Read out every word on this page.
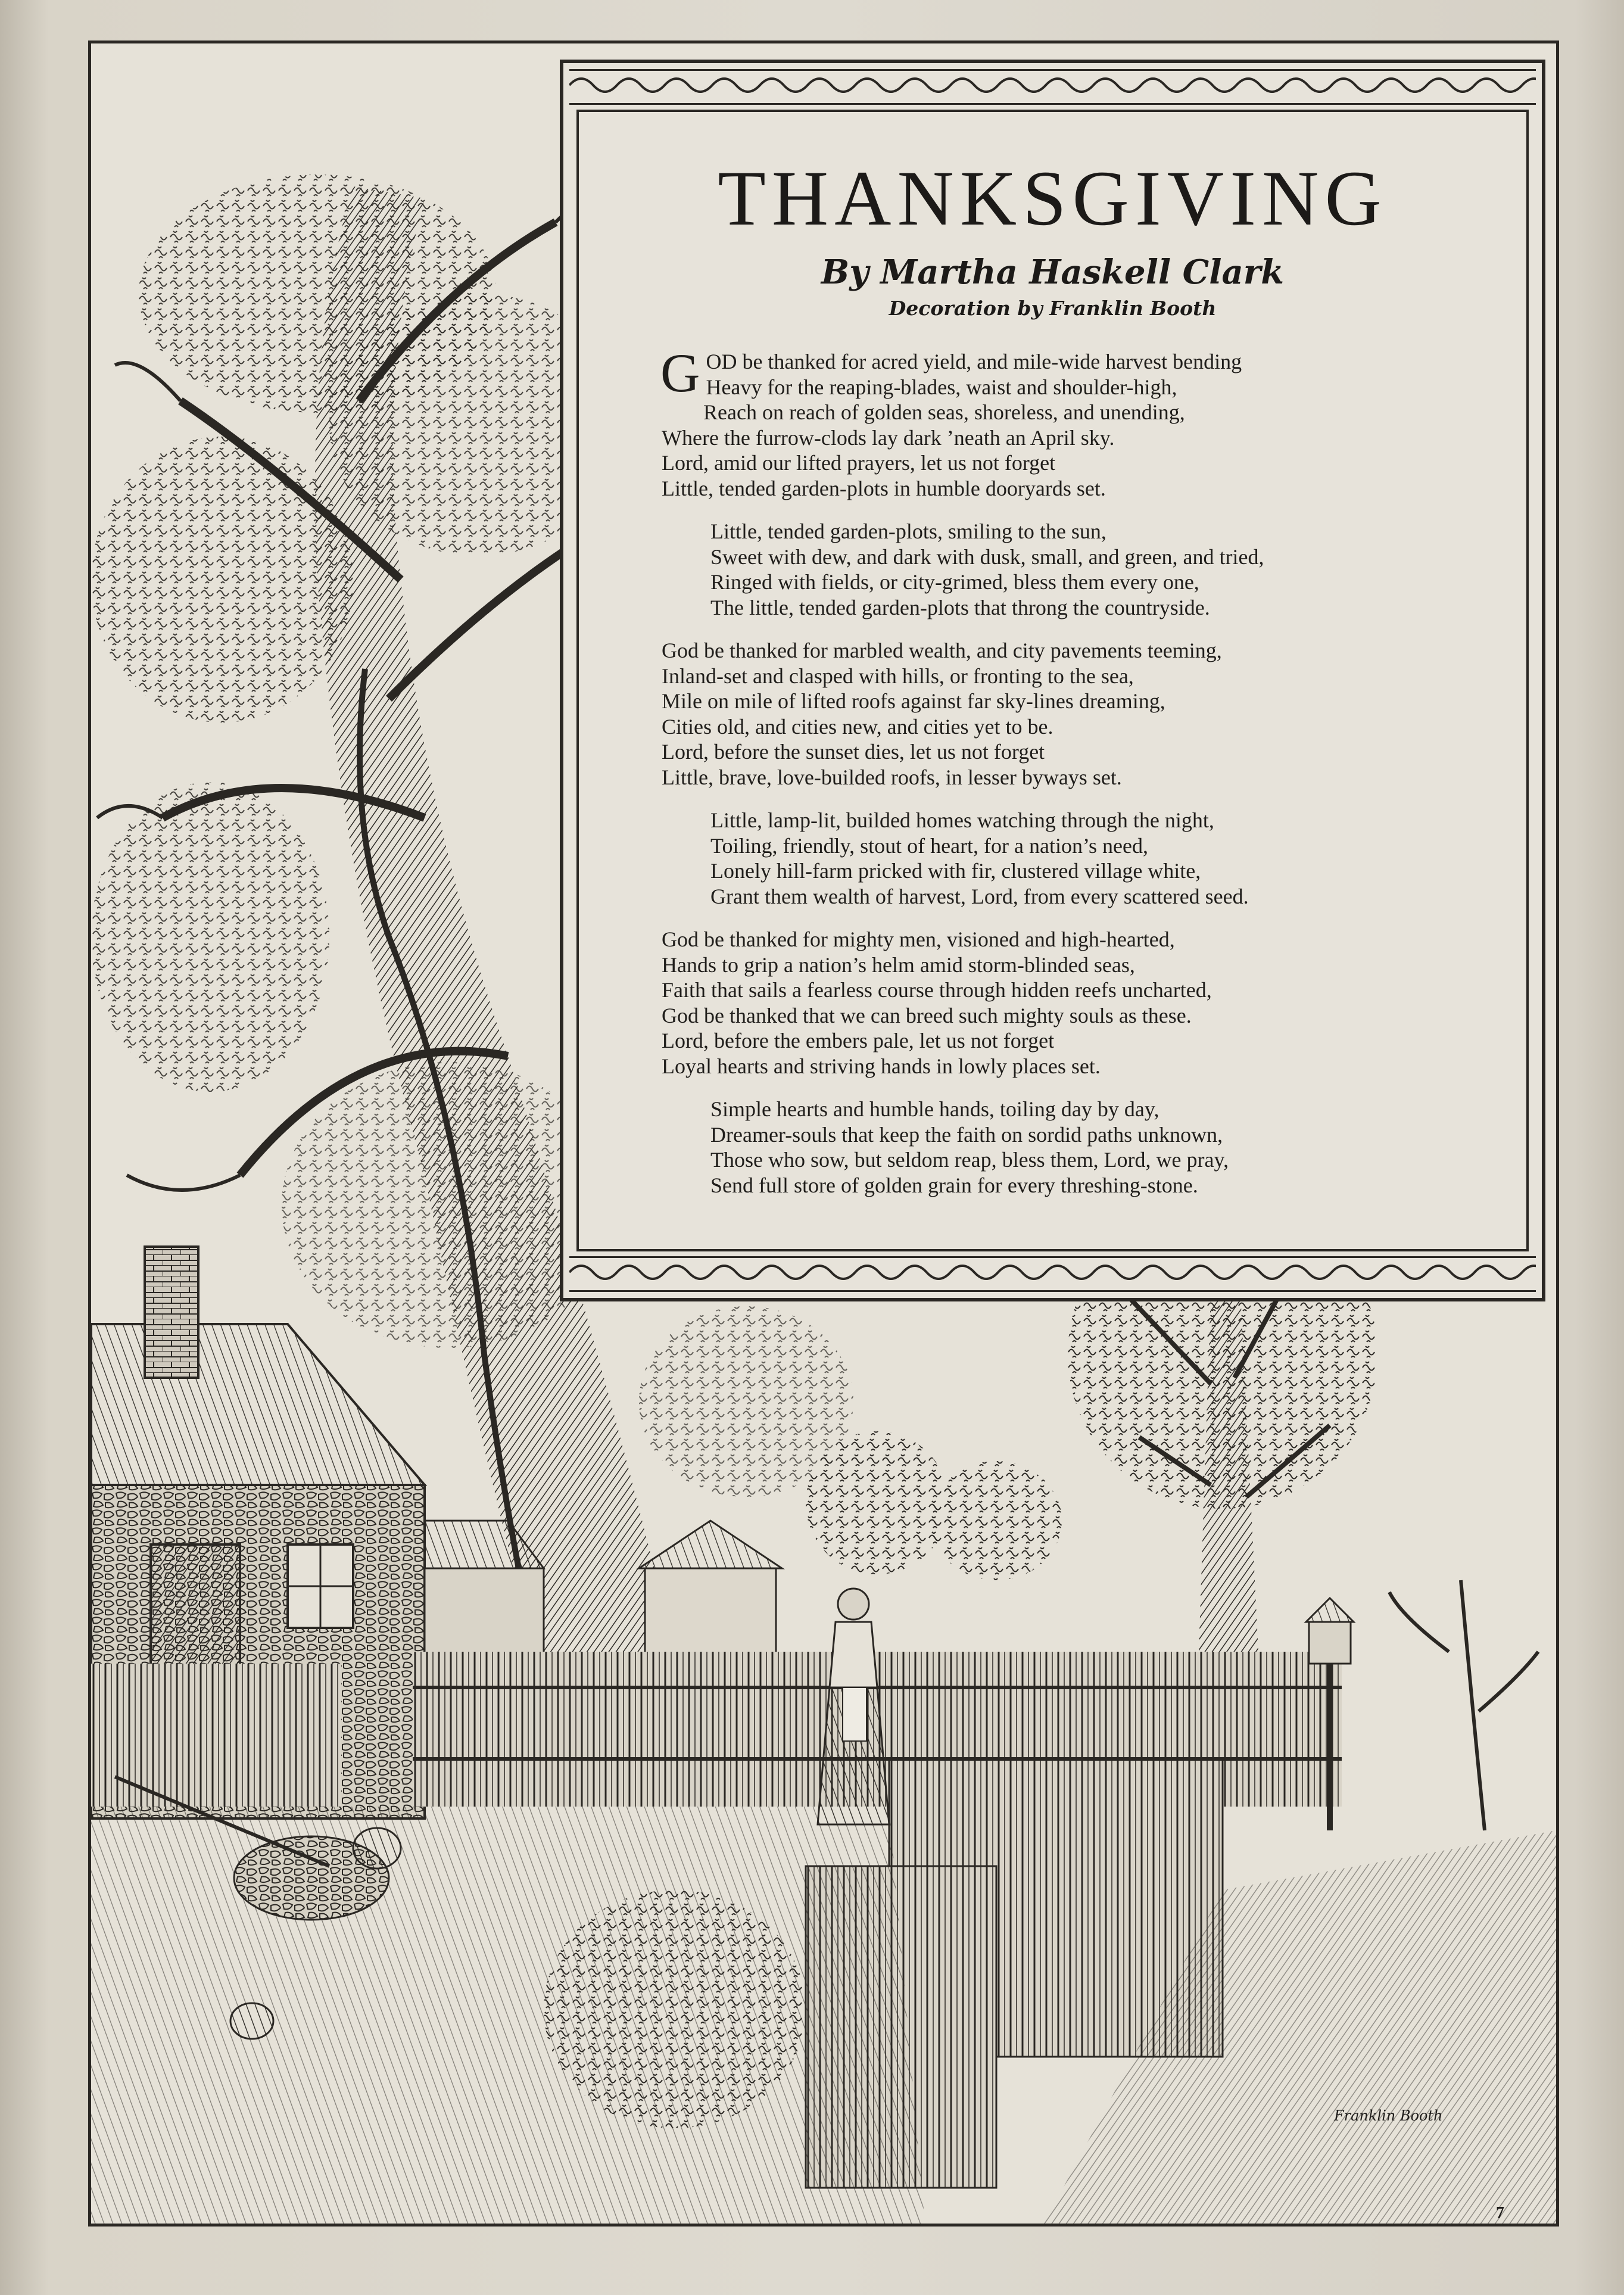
Franklin Booth
THANKSGIVING
By Martha Haskell Clark
Decoration by Franklin Booth
G OD be thanked for acred yield, and mile-wide harvest bending
Heavy for the reaping-blades, waist and shoulder-high,
Reach on reach of golden seas, shoreless, and unending,
Where the furrow-clods lay dark ’neath an April sky.
Lord, amid our lifted prayers, let us not forget
Little, tended garden-plots in humble dooryards set.
Little, tended garden-plots, smiling to the sun,
Sweet with dew, and dark with dusk, small, and green, and tried,
Ringed with fields, or city-grimed, bless them every one,
The little, tended garden-plots that throng the countryside.
God be thanked for marbled wealth, and city pavements teeming,
Inland-set and clasped with hills, or fronting to the sea,
Mile on mile of lifted roofs against far sky-lines dreaming,
Cities old, and cities new, and cities yet to be.
Lord, before the sunset dies, let us not forget
Little, brave, love-builded roofs, in lesser byways set.
Little, lamp-lit, builded homes watching through the night,
Toiling, friendly, stout of heart, for a nation’s need,
Lonely hill-farm pricked with fir, clustered village white,
Grant them wealth of harvest, Lord, from every scattered seed.
God be thanked for mighty men, visioned and high-hearted,
Hands to grip a nation’s helm amid storm-blinded seas,
Faith that sails a fearless course through hidden reefs uncharted,
God be thanked that we can breed such mighty souls as these.
Lord, before the embers pale, let us not forget
Loyal hearts and striving hands in lowly places set.
Simple hearts and humble hands, toiling day by day,
Dreamer-souls that keep the faith on sordid paths unknown,
Those who sow, but seldom reap, bless them, Lord, we pray,
Send full store of golden grain for every threshing-stone.
7
